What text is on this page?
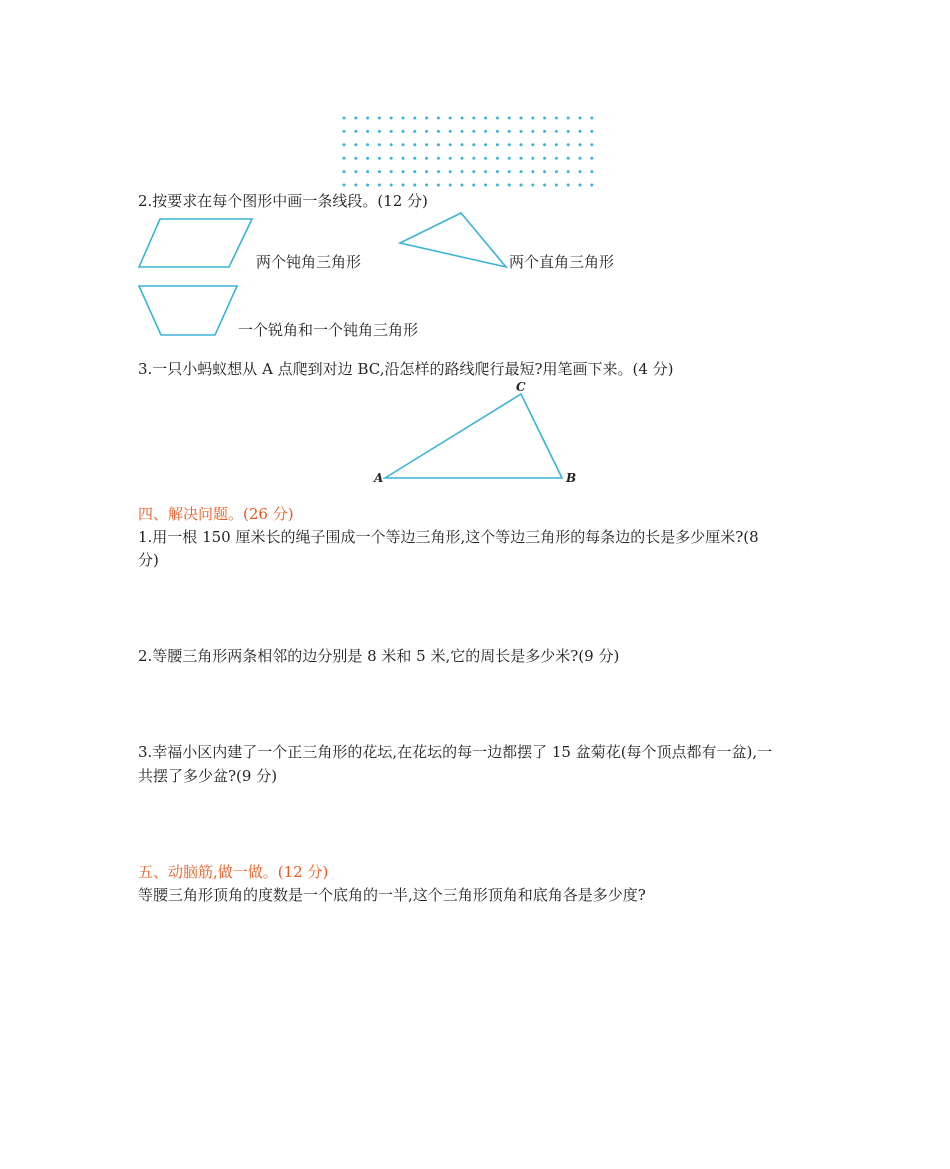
2.按要求在每个图形中画一条线段。(12 分)
两个钝角三角形	两个直角三角形
一个锐角和一个钝角三角形
3.一只小蚂蚁想从 A 点爬到对边 BC,沿怎样的路线爬行最短?用笔画下来。(4 分)
A	B
C
四、解决问题。(26 分)
1.用一根 150 厘米长的绳子围成一个等边三角形,这个等边三角形的每条边的长是多少厘米?(8
分)
2.等腰三角形两条相邻的边分别是 8 米和 5 米,它的周长是多少米?(9 分)
3.幸福小区内建了一个正三角形的花坛,在花坛的每一边都摆了 15 盆菊花(每个顶点都有一盆),一
共摆了多少盆?(9 分)
五、动脑筋,做一做。(12 分)
等腰三角形顶角的度数是一个底角的一半,这个三角形顶角和底角各是多少度?
